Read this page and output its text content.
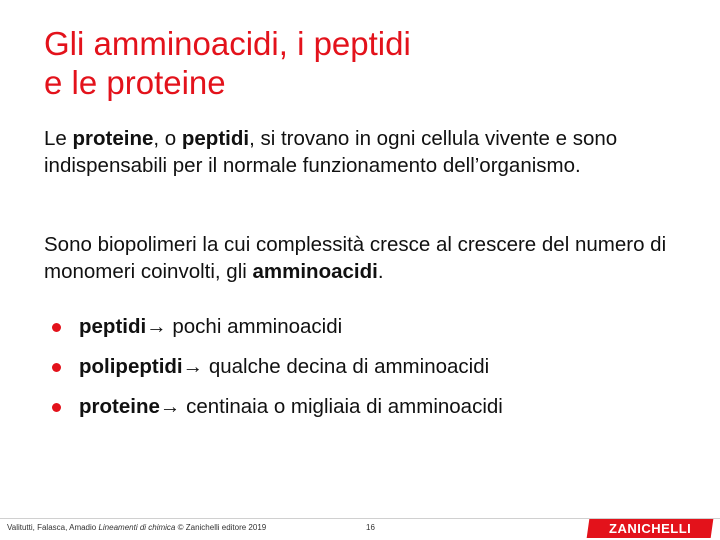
Gli amminoacidi, i peptidi
e le proteine

Le proteine, o peptidi, si trovano in ogni cellula vivente e sono indispensabili per il normale funzionamento dell’organismo.

Sono biopolimeri la cui complessità cresce al crescere del numero di monomeri coinvolti, gli amminoacidi.

peptidi → pochi amminoacidi
polipeptidi → qualche decina di amminoacidi
proteine → centinaia o migliaia di amminoacidi
Valitutti, Falasca, Amadio Lineamenti di chimica © Zanichelli editore 2019	16	ZANICHELLI
